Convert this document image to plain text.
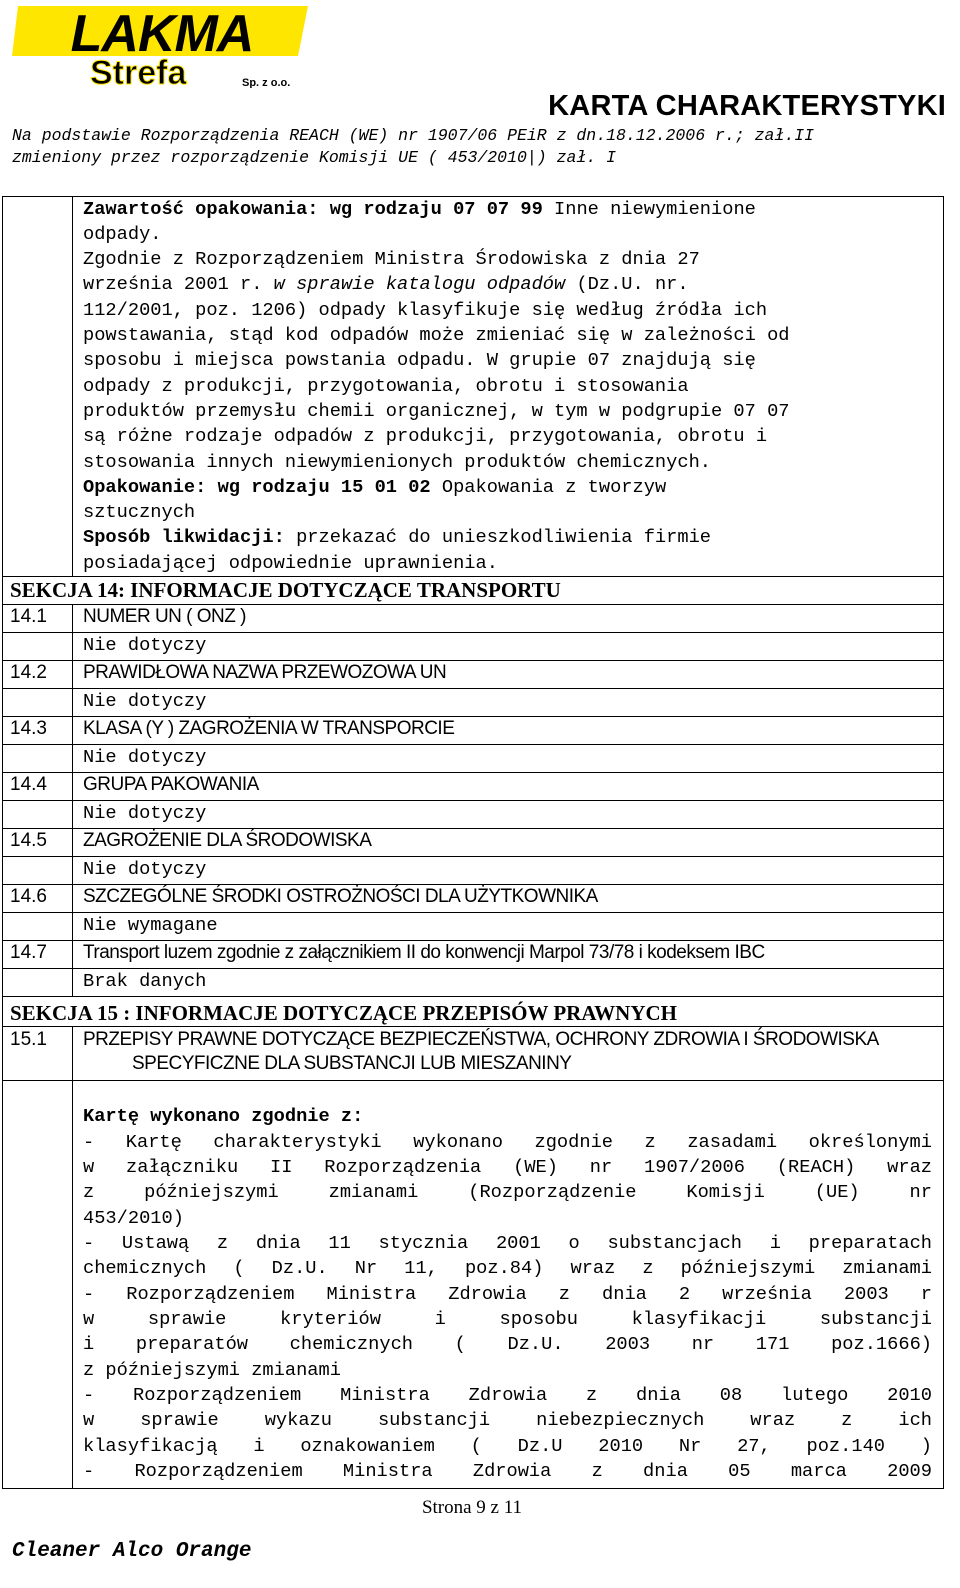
LAKMA
Strefa	Sp. z o.o.
KARTA CHARAKTERYSTYKI
Na podstawie Rozporządzenia REACH (WE) nr 1907/06 PEiR z dn.18.12.2006 r.; zał.II
zmieniony przez rozporządzenie Komisji UE ( 453/2010|) zał. I
Zawartość opakowania: wg rodzaju 07 07 99 Inne niewymienione
odpady.
Zgodnie z Rozporządzeniem Ministra Środowiska z dnia 27
września 2001 r. w sprawie katalogu odpadów (Dz.U. nr.
112/2001, poz. 1206) odpady klasyfikuje się według źródła ich
powstawania, stąd kod odpadów może zmieniać się w zależności od
sposobu i miejsca powstania odpadu. W grupie 07 znajdują się
odpady z produkcji, przygotowania, obrotu i stosowania
produktów przemysłu chemii organicznej, w tym w podgrupie 07 07
są różne rodzaje odpadów z produkcji, przygotowania, obrotu i
stosowania innych niewymienionych produktów chemicznych.
Opakowanie: wg rodzaju 15 01 02 Opakowania z tworzyw
sztucznych
Sposób likwidacji: przekazać do unieszkodliwienia firmie
posiadającej odpowiednie uprawnienia.
SEKCJA 14: INFORMACJE DOTYCZĄCE TRANSPORTU
14.1 NUMER UN ( ONZ )
Nie dotyczy
14.2 PRAWIDŁOWA NAZWA PRZEWOZOWA UN
Nie dotyczy
14.3 KLASA (Y ) ZAGROŻENIA W TRANSPORCIE
Nie dotyczy
14.4 GRUPA PAKOWANIA
Nie dotyczy
14.5 ZAGROŻENIE DLA ŚRODOWISKA
Nie dotyczy
14.6 SZCZEGÓLNE ŚRODKI OSTROŻNOŚCI DLA UŻYTKOWNIKA
Nie wymagane
14.7 Transport luzem zgodnie z załącznikiem II do konwencji Marpol 73/78 i kodeksem IBC
Brak danych
SEKCJA 15 : INFORMACJE DOTYCZĄCE PRZEPISÓW PRAWNYCH
15.1 PRZEPISY PRAWNE DOTYCZĄCE BEZPIECZEŃSTWA, OCHRONY ZDROWIA I ŚRODOWISKA
SPECYFICZNE DLA SUBSTANCJI LUB MIESZANINY
Kartę wykonano zgodnie z:
- Kartę charakterystyki wykonano zgodnie z zasadami określonymi
w załączniku II Rozporządzenia (WE) nr 1907/2006 (REACH) wraz
z późniejszymi zmianami (Rozporządzenie Komisji (UE) nr
453/2010)
- Ustawą z dnia 11 stycznia 2001 o substancjach i preparatach
chemicznych ( Dz.U. Nr 11, poz.84) wraz z późniejszymi zmianami
- Rozporządzeniem Ministra Zdrowia z dnia 2 września 2003 r
w sprawie kryteriów i sposobu klasyfikacji substancji
i preparatów chemicznych ( Dz.U. 2003 nr 171 poz.1666)
z późniejszymi zmianami
- Rozporządzeniem Ministra Zdrowia z dnia 08 lutego 2010
w sprawie wykazu substancji niebezpiecznych wraz z ich
klasyfikacją i oznakowaniem ( Dz.U 2010 Nr 27, poz.140 )
- Rozporządzeniem Ministra Zdrowia z dnia 05 marca 2009
Strona 9 z 11
Cleaner Alco Orange
